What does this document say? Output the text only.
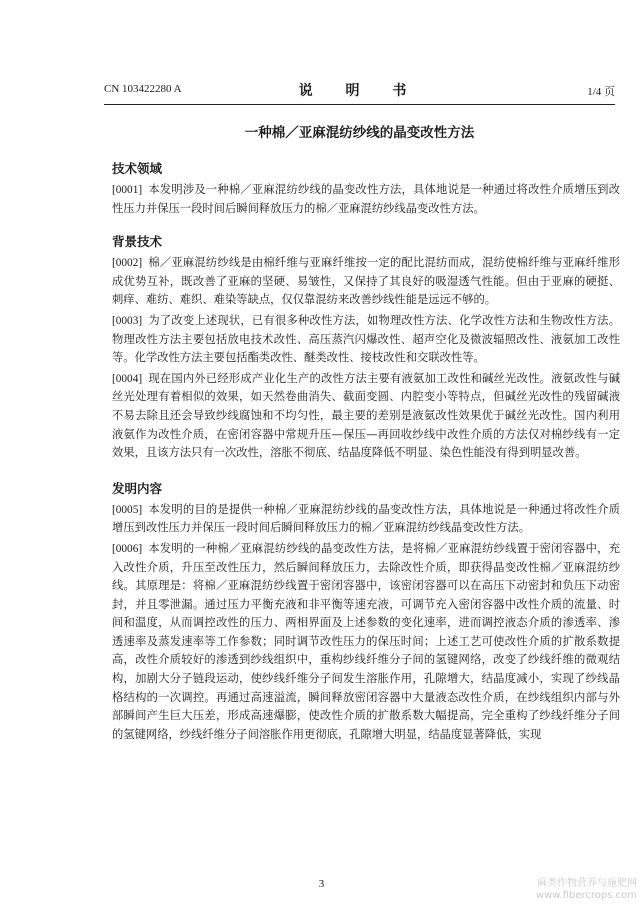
CN 103422280 A	说 明 书	1/4 页
一种棉／亚麻混纺纱线的晶变改性方法
技术领域
[0001] 本发明涉及一种棉／亚麻混纺纱线的晶变改性方法，具体地说是一种通过将改性介质增压到改性压力并保压一段时间后瞬间释放压力的棉／亚麻混纺纱线晶变改性方法。
背景技术
[0002] 棉／亚麻混纺纱线是由棉纤维与亚麻纤维按一定的配比混纺而成，混纺使棉纤维与亚麻纤维形成优势互补，既改善了亚麻的坚硬、易皱性，又保持了其良好的吸湿透气性能。但由于亚麻的硬挺、刺痒、难纺、难织、难染等缺点，仅仅靠混纺来改善纱线性能是远远不够的。
[0003] 为了改变上述现状，已有很多种改性方法，如物理改性方法、化学改性方法和生物改性方法。物理改性方法主要包括放电技术改性、高压蒸汽闪爆改性、超声空化及微波辐照改性、液氨加工改性等。化学改性方法主要包括酯类改性、醚类改性、接枝改性和交联改性等。
[0004] 现在国内外已经形成产业化生产的改性方法主要有液氨加工改性和碱丝光改性。液氨改性与碱丝光处理有着相似的效果，如天然卷曲消失、截面变圆、内腔变小等特点，但碱丝光改性的残留碱液不易去除且还会导致纱线腐蚀和不均匀性，最主要的差别是液氨改性效果优于碱丝光改性。国内利用液氨作为改性介质，在密闭容器中常规升压—保压—再回收纱线中改性介质的方法仅对棉纱线有一定效果，且该方法只有一次改性，溶胀不彻底、结晶度降低不明显、染色性能没有得到明显改善。
发明内容
[0005] 本发明的目的是提供一种棉／亚麻混纺纱线的晶变改性方法，具体地说是一种通过将改性介质增压到改性压力并保压一段时间后瞬间释放压力的棉／亚麻混纺纱线晶变改性方法。
[0006] 本发明的一种棉／亚麻混纺纱线的晶变改性方法，是将棉／亚麻混纺纱线置于密闭容器中，充入改性介质，升压至改性压力，然后瞬间释放压力，去除改性介质，即获得晶变改性棉／亚麻混纺纱线。其原理是：将棉／亚麻混纺纱线置于密闭容器中，该密闭容器可以在高压下动密封和负压下动密封，并且零泄漏。通过压力平衡充液和非平衡等速充液，可调节充入密闭容器中改性介质的流量、时间和温度，从而调控改性的压力、两相界面及上述参数的变化速率，进而调控液态介质的渗透率、渗透速率及蒸发速率等工作参数；同时调节改性压力的保压时间；上述工艺可使改性介质的扩散系数提高，改性介质较好的渗透到纱线组织中，重构纱线纤维分子间的氢键网络，改变了纱线纤维的微观结构，加剧大分子链段运动，使纱线纤维分子间发生溶胀作用，孔隙增大，结晶度减小，实现了纱线晶格结构的一次调控。再通过高速溢流，瞬间释放密闭容器中大量液态改性介质，在纱线组织内部与外部瞬间产生巨大压差，形成高速爆膨，使改性介质的扩散系数大幅提高，完全重构了纱线纤维分子间的氢键网络，纱线纤维分子间溶胀作用更彻底，孔隙增大明显，结晶度显著降低，实现
3	麻类作物营养与施肥网
www.fibercrops.com
